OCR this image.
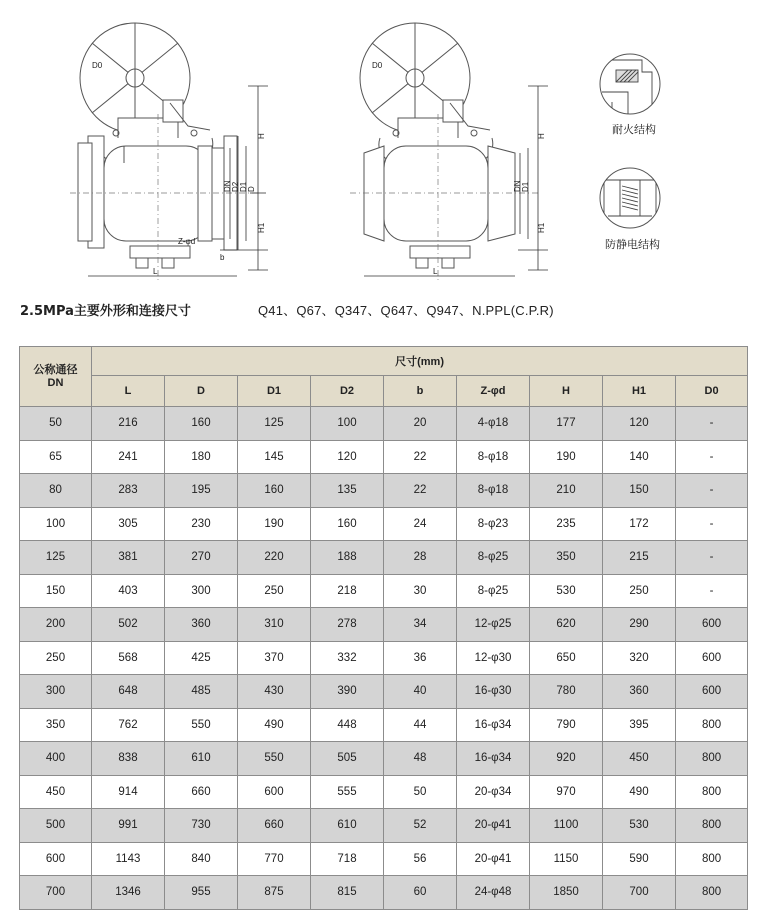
D0
H
H1
DN D2 D1 D
b
Z-φd
L
D0
H
H1
DN D1
L
耐火结构
防静电结构
2.5MPa主要外形和连接尺寸	Q41、Q67、Q347、Q647、Q947、N.PPL(C.P.R)
公称通径
DN	尺寸(mm)								
	L	D	D1	D2	b	Z-φd	H	H1	D0
50	216	160	125	100	20	4-φ18	177	120	-
65	241	180	145	120	22	8-φ18	190	140	-
80	283	195	160	135	22	8-φ18	210	150	-
100	305	230	190	160	24	8-φ23	235	172	-
125	381	270	220	188	28	8-φ25	350	215	-
150	403	300	250	218	30	8-φ25	530	250	-
200	502	360	310	278	34	12-φ25	620	290	600
250	568	425	370	332	36	12-φ30	650	320	600
300	648	485	430	390	40	16-φ30	780	360	600
350	762	550	490	448	44	16-φ34	790	395	800
400	838	610	550	505	48	16-φ34	920	450	800
450	914	660	600	555	50	20-φ34	970	490	800
500	991	730	660	610	52	20-φ41	1100	530	800
600	1143	840	770	718	56	20-φ41	1150	590	800
700	1346	955	875	815	60	24-φ48	1850	700	800
